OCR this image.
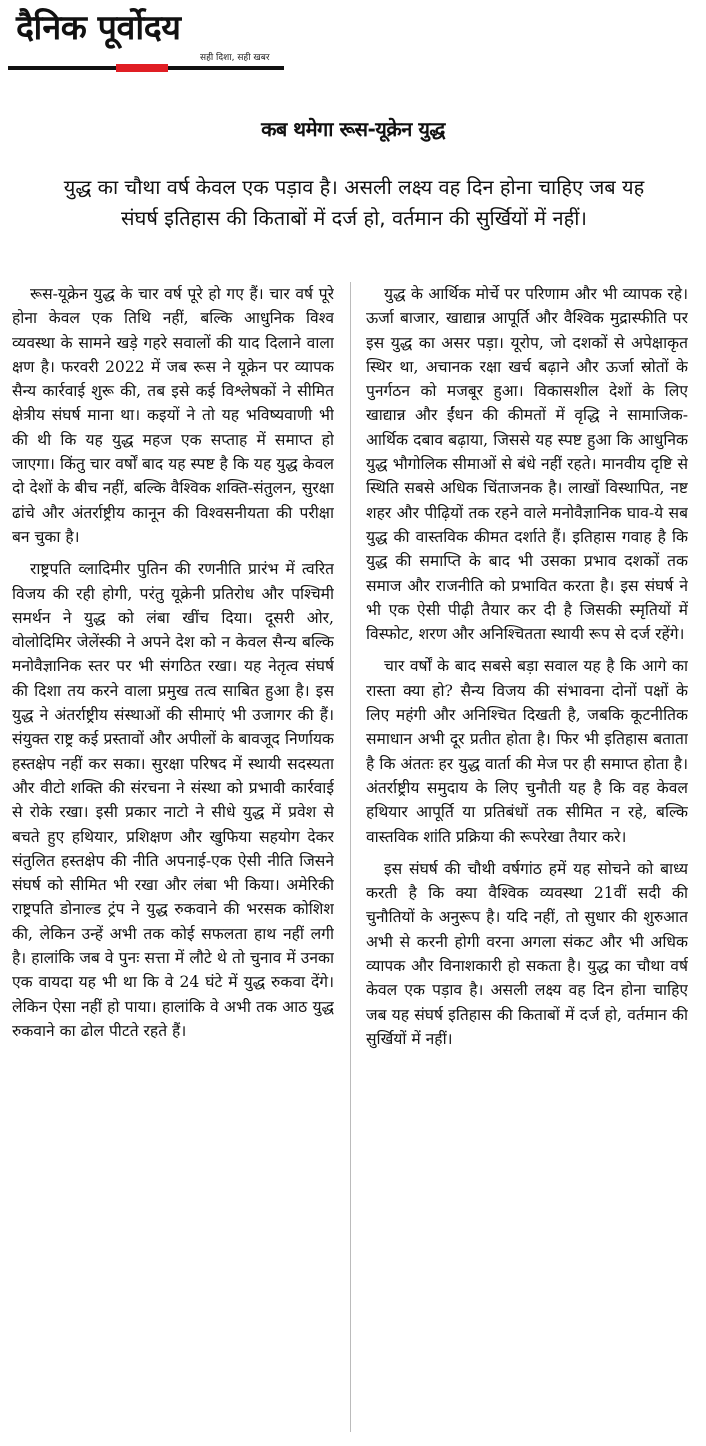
दैनिक पूर्दय
सही दिशा, सही खबर
कब थमेगा रूस-यूक्रेन युद्ध

युद्ध का चौथा वर्ष केवल एक पड़ाव है। असली लक्ष्य वह दिन होना चाहिए जब यह संघर्ष इतिहास की किताबों में दर्ज हो, वर्तमान की सुर्खियों में नहीं।

रूस-यूक्रेन युद्ध के चार वर्ष पूरे हो गए हैं। चार वर्ष पूरे होना केवल एक तिथि नहीं, बल्कि आधुनिक विश्व व्यवस्था के सामने खड़े गहरे सवालों की याद दिलाने वाला क्षण है। फरवरी 2022 में जब रूस ने यूक्रेन पर व्यापक सैन्य कार्रवाई शुरू की, तब इसे कई विश्लेषकों ने सीमित क्षेत्रीय संघर्ष माना था। कइयों ने तो यह भविष्यवाणी भी की थी कि यह युद्ध महज एक सप्ताह में समाप्त हो जाएगा। किंतु चार वर्षों बाद यह स्पष्ट है कि यह युद्ध केवल दो देशों के बीच नहीं, बल्कि वैश्विक शक्ति-संतुलन, सुरक्षा ढांचे और अंतर्राष्ट्रीय कानून की विश्वसनीयता की परीक्षा बन चुका है।

राष्ट्रपति व्लादिमीर पुतिन की रणनीति प्रारंभ में त्वरित विजय की रही होगी, परंतु यूक्रेनी प्रतिरोध और पश्चिमी समर्थन ने युद्ध को लंबा खींच दिया। दूसरी ओर, वोलोदिमिर जेलेंस्की ने अपने देश को न केवल सैन्य बल्कि मनोवैज्ञानिक स्तर पर भी संगठित रखा। यह नेतृत्व संघर्ष की दिशा तय करने वाला प्रमुख तत्व साबित हुआ है। इस युद्ध ने अंतर्राष्ट्रीय संस्थाओं की सीमाएं भी उजागर की हैं। संयुक्त राष्ट्र कई प्रस्तावों और अपीलों के बावजूद निर्णायक हस्तक्षेप नहीं कर सका। सुरक्षा परिषद में स्थायी सदस्यता और वीटो शक्ति की संरचना ने संस्था को प्रभावी कार्रवाई से रोके रखा। इसी प्रकार नाटो ने सीधे युद्ध में प्रवेश से बचते हुए हथियार, प्रशिक्षण और खुफिया सहयोग देकर संतुलित हस्तक्षेप की नीति अपनाई-एक ऐसी नीति जिसने संघर्ष को सीमित भी रखा और लंबा भी किया। अमेरिकी राष्ट्रपति डोनाल्ड ट्रंप ने युद्ध रुकवाने की भरसक कोशिश की, लेकिन उन्हें अभी तक कोई सफलता हाथ नहीं लगी है। हालांकि जब वे पुनः सत्ता में लौटे थे तो चुनाव में उनका एक वायदा यह भी था कि वे 24 घंटे में युद्ध रुकवा देंगे। लेकिन ऐसा नहीं हो पाया। हालांकि वे अभी तक आठ युद्ध रुकवाने का ढोल पीटते रहते हैं।

युद्ध के आर्थिक मोर्चे पर परिणाम और भी व्यापक रहे। ऊर्जा बाजार, खाद्यान्न आपूर्ति और वैश्विक मुद्रास्फीति पर इस युद्ध का असर पड़ा। यूरोप, जो दशकों से अपेक्षाकृत स्थिर था, अचानक रक्षा खर्च बढ़ाने और ऊर्जा स्रोतों के पुनर्गठन को मजबूर हुआ। विकासशील देशों के लिए खाद्यान्न और ईंधन की कीमतों में वृद्धि ने सामाजिक-आर्थिक दबाव बढ़ाया, जिससे यह स्पष्ट हुआ कि आधुनिक युद्ध भौगोलिक सीमाओं से बंधे नहीं रहते। मानवीय दृष्टि से स्थिति सबसे अधिक चिंताजनक है। लाखों विस्थापित, नष्ट शहर और पीढ़ियों तक रहने वाले मनोवैज्ञानिक घाव-ये सब युद्ध की वास्तविक कीमत दर्शाते हैं। इतिहास गवाह है कि युद्ध की समाप्ति के बाद भी उसका प्रभाव दशकों तक समाज और राजनीति को प्रभावित करता है। इस संघर्ष ने भी एक ऐसी पीढ़ी तैयार कर दी है जिसकी स्मृतियों में विस्फोट, शरण और अनिश्चितता स्थायी रूप से दर्ज रहेंगे।

चार वर्षों के बाद सबसे बड़ा सवाल यह है कि आगे का रास्ता क्या हो? सैन्य विजय की संभावना दोनों पक्षों के लिए महंगी और अनिश्चित दिखती है, जबकि कूटनीतिक समाधान अभी दूर प्रतीत होता है। फिर भी इतिहास बताता है कि अंततः हर युद्ध वार्ता की मेज पर ही समाप्त होता है। अंतर्राष्ट्रीय समुदाय के लिए चुनौती यह है कि वह केवल हथियार आपूर्ति या प्रतिबंधों तक सीमित न रहे, बल्कि वास्तविक शांति प्रक्रिया की रूपरेखा तैयार करे।

इस संघर्ष की चौथी वर्षगांठ हमें यह सोचने को बाध्य करती है कि क्या वैश्विक व्यवस्था 21वीं सदी की चुनौतियों के अनुरूप है। यदि नहीं, तो सुधार की शुरुआत अभी से करनी होगी वरना अगला संकट और भी अधिक व्यापक और विनाशकारी हो सकता है। युद्ध का चौथा वर्ष केवल एक पड़ाव है। असली लक्ष्य वह दिन होना चाहिए जब यह संघर्ष इतिहास की किताबों में दर्ज हो, वर्तमान की सुर्खियों में नहीं।
